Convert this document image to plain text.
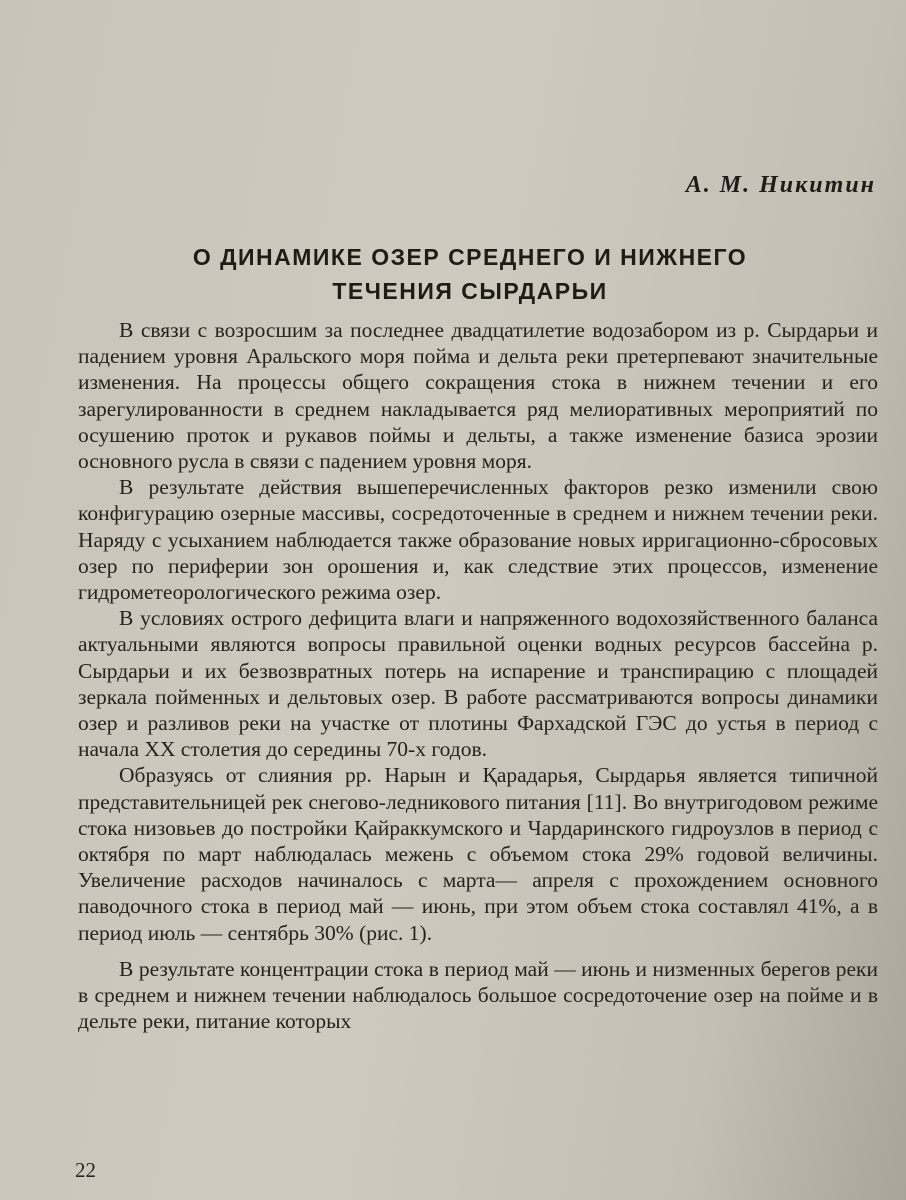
А. М. Никитин
О ДИНАМИКЕ ОЗЕР СРЕДНЕГО И НИЖНЕГО
ТЕЧЕНИЯ СЫРДАРЬИ

В связи с возросшим за последнее двадцатилетие водозабором из р. Сырдарьи и падением уровня Аральского моря пойма и дельта реки претерпевают значительные изменения. На процессы общего сокращения стока в нижнем течении и его зарегулированности в среднем накладывается ряд мелиоративных мероприятий по осушению проток и рукавов поймы и дельты, а также изменение базиса эрозии основного русла в связи с падением уровня моря.

В результате действия вышеперечисленных факторов резко изменили свою конфигурацию озерные массивы, сосредоточенные в среднем и нижнем течении реки. Наряду с усыханием наблюдается также образование новых ирригационно-сбросовых озер по периферии зон орошения и, как следствие этих процессов, изменение гидрометеорологического режима озер.

В условиях острого дефицита влаги и напряженного водохозяйственного баланса актуальными являются вопросы правильной оценки водных ресурсов бассейна р. Сырдарьи и их безвозвратных потерь на испарение и транспирацию с площадей зеркала пойменных и дельтовых озер. В работе рассматриваются вопросы динамики озер и разливов реки на участке от плотины Фархадской ГЭС до устья в период с начала XX столетия до середины 70-х годов.

Образуясь от слияния рр. Нарын и Қарадарья, Сырдарья является типичной представительницей рек снегово-ледникового питания [11]. Во внутригодовом режиме стока низовьев до постройки Қайраккумского и Чардаринского гидроузлов в период с октября по март наблюдалась межень с объемом стока 29% годовой величины. Увеличение расходов начиналось с марта— апреля с прохождением основного паводочного стока в период май — июнь, при этом объем стока составлял 41%, а в период июль — сентябрь 30% (рис. 1).

В результате концентрации стока в период май — июнь и низменных берегов реки в среднем и нижнем течении наблюдалось большое сосредоточение озер на пойме и в дельте реки, питание которых

22
